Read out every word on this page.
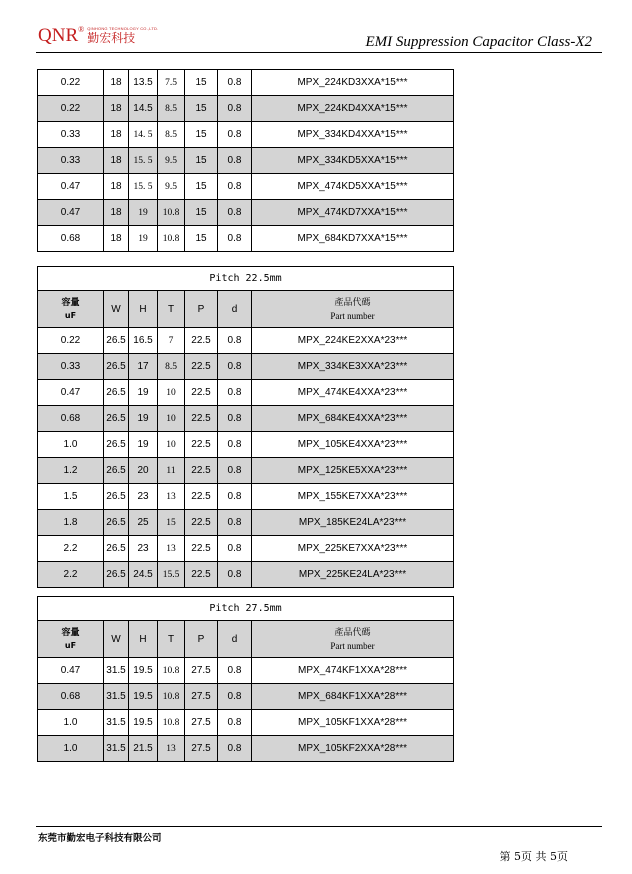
QNR® QINHONG TECHNOLOGY CO.,LTD.
勤宏科技	EMI Suppression Capacitor Class-X2
0.22	18	13.5	7.5	15	0.8	MPX_224KD3XXA*15***
0.22	18	14.5	8.5	15	0.8	MPX_224KD4XXA*15***
0.33	18	14. 5	8.5	15	0.8	MPX_334KD4XXA*15***
0.33	18	15. 5	9.5	15	0.8	MPX_334KD5XXA*15***
0.47	18	15. 5	9.5	15	0.8	MPX_474KD5XXA*15***
0.47	18	19	10.8	15	0.8	MPX_474KD7XXA*15***
0.68	18	19	10.8	15	0.8	MPX_684KD7XXA*15***
Pitch 22.5mm						

容量
uF	W	H	T	P	d	產品代碼
Part number

0.22	26.5	16.5	7	22.5	0.8	MPX_224KE2XXA*23***
0.33	26.5	17	8.5	22.5	0.8	MPX_334KE3XXA*23***
0.47	26.5	19	10	22.5	0.8	MPX_474KE4XXA*23***
0.68	26.5	19	10	22.5	0.8	MPX_684KE4XXA*23***
1.0	26.5	19	10	22.5	0.8	MPX_105KE4XXA*23***
1.2	26.5	20	11	22.5	0.8	MPX_125KE5XXA*23***
1.5	26.5	23	13	22.5	0.8	MPX_155KE7XXA*23***
1.8	26.5	25	15	22.5	0.8	MPX_185KE24LA*23***
2.2	26.5	23	13	22.5	0.8	MPX_225KE7XXA*23***
2.2	26.5	24.5	15.5	22.5	0.8	MPX_225KE24LA*23***
Pitch 27.5mm						

容量
uF	W	H	T	P	d	產品代碼
Part number

0.47	31.5	19.5	10.8	27.5	0.8	MPX_474KF1XXA*28***
0.68	31.5	19.5	10.8	27.5	0.8	MPX_684KF1XXA*28***
1.0	31.5	19.5	10.8	27.5	0.8	MPX_105KF1XXA*28***
1.0	31.5	21.5	13	27.5	0.8	MPX_105KF2XXA*28***
东莞市勤宏电子科技有限公司
第 5页 共 5页
